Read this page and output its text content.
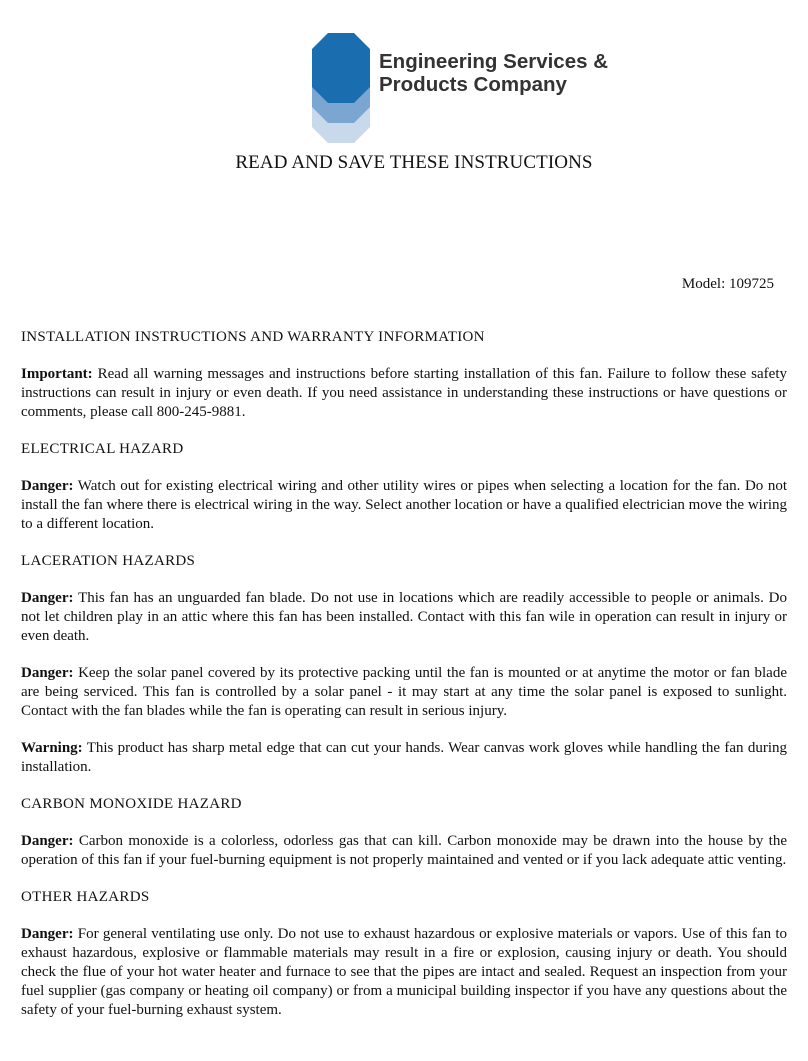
Engineering Services &
Products Company
READ AND SAVE THESE INSTRUCTIONS
Model: 109725
INSTALLATION INSTRUCTIONS AND WARRANTY INFORMATION

Important: Read all warning messages and instructions before starting installation of this fan. Failure to follow these safety instructions can result in injury or even death. If you need assistance in understanding these instructions or have questions or comments, please call 800-245-9881.

ELECTRICAL HAZARD

Danger: Watch out for existing electrical wiring and other utility wires or pipes when selecting a location for the fan. Do not install the fan where there is electrical wiring in the way. Select another location or have a qualified electrician move the wiring to a different location.

LACERATION HAZARDS

Danger: This fan has an unguarded fan blade. Do not use in locations which are readily accessible to people or animals. Do not let children play in an attic where this fan has been installed. Contact with this fan wile in operation can result in injury or even death.

Danger: Keep the solar panel covered by its protective packing until the fan is mounted or at anytime the motor or fan blade are being serviced. This fan is controlled by a solar panel - it may start at any time the solar panel is exposed to sunlight. Contact with the fan blades while the fan is operating can result in serious injury.

Warning: This product has sharp metal edge that can cut your hands. Wear canvas work gloves while handling the fan during installation.

CARBON MONOXIDE HAZARD

Danger: Carbon monoxide is a colorless, odorless gas that can kill. Carbon monoxide may be drawn into the house by the operation of this fan if your fuel-burning equipment is not properly maintained and vented or if you lack adequate attic venting.

OTHER HAZARDS

Danger: For general ventilating use only. Do not use to exhaust hazardous or explosive materials or vapors. Use of this fan to exhaust hazardous, explosive or flammable materials may result in a fire or explosion, causing injury or death. You should check the flue of your hot water heater and furnace to see that the pipes are intact and sealed. Request an inspection from your fuel supplier (gas company or heating oil company) or from a municipal building inspector if you have any questions about the safety of your fuel-burning exhaust system.
